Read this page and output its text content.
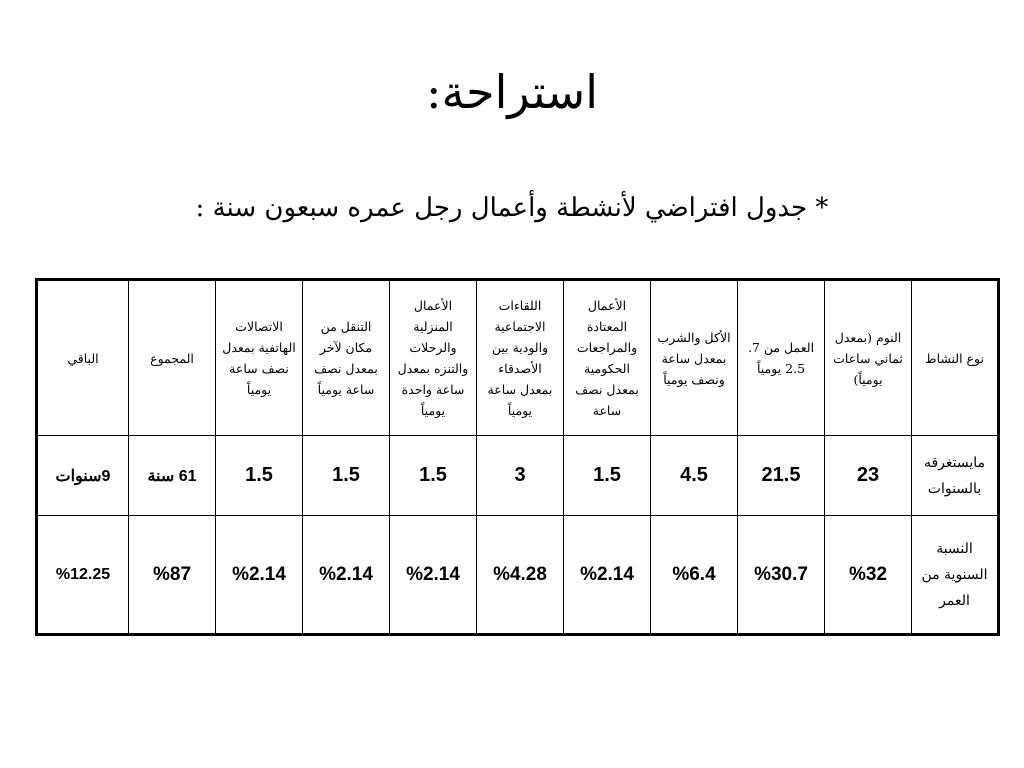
استراحة:
* جدول افتراضي لأنشطة وأعمال رجل عمره سبعون سنة :
نوع النشاط	النوم (بمعدل ثماني ساعات يومياً)	العمل من 7. 2.5 يومياً	الأكل والشرب بمعدل ساعة ونصف يومياً	الأعمال المعتادة والمراجعات الحكومية بمعدل نصف ساعة	اللقاءات الاجتماعية والودية بين الأصدقاء بمعدل ساعة يومياً	الأعمال المنزلية والرحلات والتنزه بمعدل ساعة واحدة يومياً	التنقل من مكان لآخر بمعدل نصف ساعة يومياً	الاتصالات الهاتفية بمعدل نصف ساعة يومياً	المجموع	الباقي
مايستغرقه بالسنوات	23	21.5	4.5	1.5	3	1.5	1.5	1.5	61 سنة	9سنوات
النسبة السنوية من العمر	%32	%30.7	%6.4	%2.14	%4.28	%2.14	%2.14	%2.14	%87	%12.25
